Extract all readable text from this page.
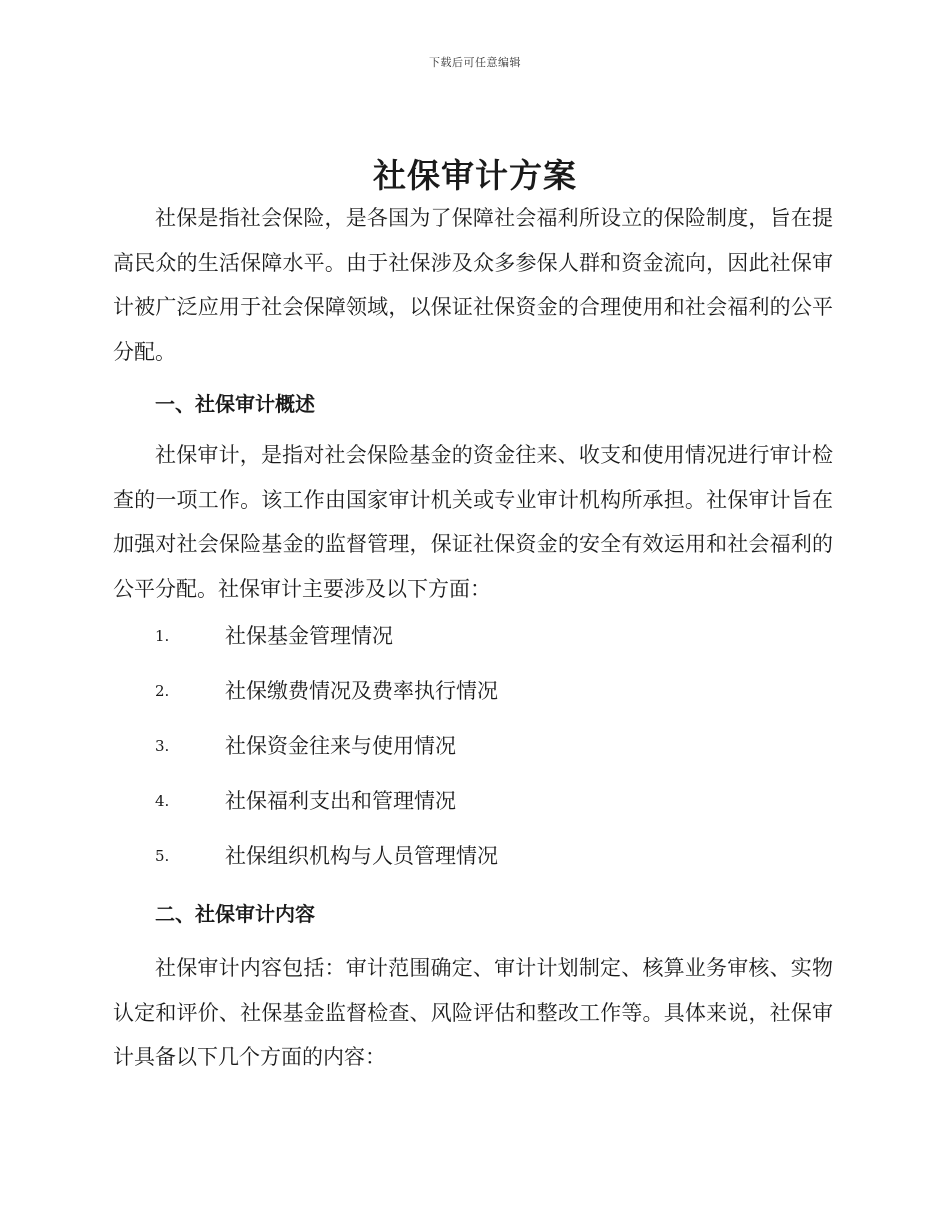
下载后可任意编辑
社保审计方案
社保是指社会保险，是各国为了保障社会福利所设立的保险制度，旨在提高民众的生活保障水平。由于社保涉及众多参保人群和资金流向，因此社保审计被广泛应用于社会保障领域，以保证社保资金的合理使用和社会福利的公平分配。
一、社保审计概述
社保审计，是指对社会保险基金的资金往来、收支和使用情况进行审计检查的一项工作。该工作由国家审计机关或专业审计机构所承担。社保审计旨在加强对社会保险基金的监督管理，保证社保资金的安全有效运用和社会福利的公平分配。社保审计主要涉及以下方面：
1.	社保基金管理情况
2.	社保缴费情况及费率执行情况
3.	社保资金往来与使用情况
4.	社保福利支出和管理情况
5.	社保组织机构与人员管理情况
二、社保审计内容
社保审计内容包括：审计范围确定、审计计划制定、核算业务审核、实物认定和评价、社保基金监督检查、风险评估和整改工作等。具体来说，社保审计具备以下几个方面的内容：
